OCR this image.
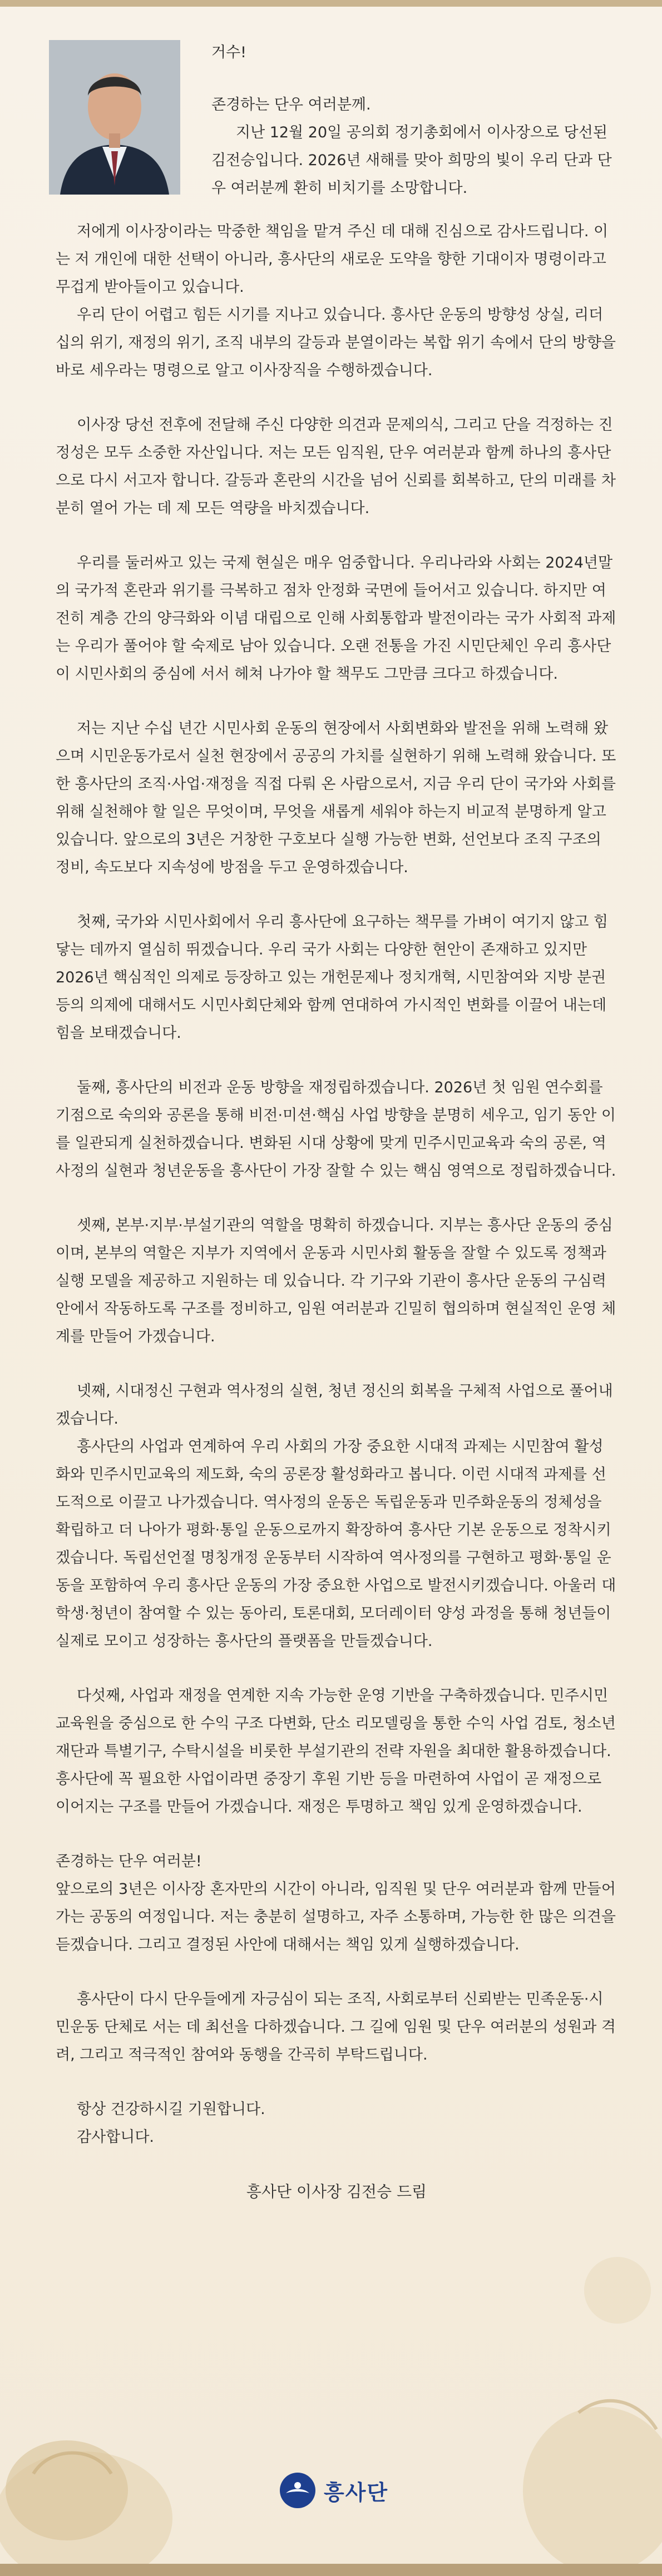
거수!

존경하는 단우 여러분께.

지난 12월 20일 공의회 정기총회에서 이사장으로 당선된 김전승입니다. 2026년 새해를 맞아 희망의 빛이 우리 단과 단우 여러분께 환히 비치기를 소망합니다.

저에게 이사장이라는 막중한 책임을 맡겨 주신 데 대해 진심으로 감사드립니다. 이는 저 개인에 대한 선택이 아니라, 흥사단의 새로운 도약을 향한 기대이자 명령이라고 무겁게 받아들이고 있습니다.

우리 단이 어렵고 힘든 시기를 지나고 있습니다. 흥사단 운동의 방향성 상실, 리더십의 위기, 재정의 위기, 조직 내부의 갈등과 분열이라는 복합 위기 속에서 단의 방향을 바로 세우라는 명령으로 알고 이사장직을 수행하겠습니다.

이사장 당선 전후에 전달해 주신 다양한 의견과 문제의식, 그리고 단을 걱정하는 진정성은 모두 소중한 자산입니다. 저는 모든 임직원, 단우 여러분과 함께 하나의 흥사단으로 다시 서고자 합니다. 갈등과 혼란의 시간을 넘어 신뢰를 회복하고, 단의 미래를 차분히 열어 가는 데 제 모든 역량을 바치겠습니다.

우리를 둘러싸고 있는 국제 현실은 매우 엄중합니다. 우리나라와 사회는 2024년말의 국가적 혼란과 위기를 극복하고 점차 안정화 국면에 들어서고 있습니다. 하지만 여전히 계층 간의 양극화와 이념 대립으로 인해 사회통합과 발전이라는 국가 사회적 과제는 우리가 풀어야 할 숙제로 남아 있습니다. 오랜 전통을 가진 시민단체인 우리 흥사단이 시민사회의 중심에 서서 헤쳐 나가야 할 책무도 그만큼 크다고 하겠습니다.

저는 지난 수십 년간 시민사회 운동의 현장에서 사회변화와 발전을 위해 노력해 왔으며 시민운동가로서 실천 현장에서 공공의 가치를 실현하기 위해 노력해 왔습니다. 또한 흥사단의 조직·사업·재정을 직접 다뤄 온 사람으로서, 지금 우리 단이 국가와 사회를 위해 실천해야 할 일은 무엇이며, 무엇을 새롭게 세워야 하는지 비교적 분명하게 알고 있습니다. 앞으로의 3년은 거창한 구호보다 실행 가능한 변화, 선언보다 조직 구조의 정비, 속도보다 지속성에 방점을 두고 운영하겠습니다.

첫째, 국가와 시민사회에서 우리 흥사단에 요구하는 책무를 가벼이 여기지 않고 힘닿는 데까지 열심히 뛰겠습니다. 우리 국가 사회는 다양한 현안이 존재하고 있지만 2026년 핵심적인 의제로 등장하고 있는 개헌문제나 정치개혁, 시민참여와 지방 분권 등의 의제에 대해서도 시민사회단체와 함께 연대하여 가시적인 변화를 이끌어 내는데 힘을 보태겠습니다.

둘째, 흥사단의 비전과 운동 방향을 재정립하겠습니다. 2026년 첫 임원 연수회를 기점으로 숙의와 공론을 통해 비전·미션·핵심 사업 방향을 분명히 세우고, 임기 동안 이를 일관되게 실천하겠습니다. 변화된 시대 상황에 맞게 민주시민교육과 숙의 공론, 역사정의 실현과 청년운동을 흥사단이 가장 잘할 수 있는 핵심 영역으로 정립하겠습니다.

셋째, 본부·지부·부설기관의 역할을 명확히 하겠습니다. 지부는 흥사단 운동의 중심이며, 본부의 역할은 지부가 지역에서 운동과 시민사회 활동을 잘할 수 있도록 정책과 실행 모델을 제공하고 지원하는 데 있습니다. 각 기구와 기관이 흥사단 운동의 구심력 안에서 작동하도록 구조를 정비하고, 임원 여러분과 긴밀히 협의하며 현실적인 운영 체계를 만들어 가겠습니다.

넷째, 시대정신 구현과 역사정의 실현, 청년 정신의 회복을 구체적 사업으로 풀어내겠습니다.

흥사단의 사업과 연계하여 우리 사회의 가장 중요한 시대적 과제는 시민참여 활성화와 민주시민교육의 제도화, 숙의 공론장 활성화라고 봅니다. 이런 시대적 과제를 선도적으로 이끌고 나가겠습니다. 역사정의 운동은 독립운동과 민주화운동의 정체성을 확립하고 더 나아가 평화·통일 운동으로까지 확장하여 흥사단 기본 운동으로 정착시키겠습니다. 독립선언절 명칭개정 운동부터 시작하여 역사정의를 구현하고 평화·통일 운동을 포함하여 우리 흥사단 운동의 가장 중요한 사업으로 발전시키겠습니다. 아울러 대학생·청년이 참여할 수 있는 동아리, 토론대회, 모더레이터 양성 과정을 통해 청년들이 실제로 모이고 성장하는 흥사단의 플랫폼을 만들겠습니다.

다섯째, 사업과 재정을 연계한 지속 가능한 운영 기반을 구축하겠습니다. 민주시민교육원을 중심으로 한 수익 구조 다변화, 단소 리모델링을 통한 수익 사업 검토, 청소년재단과 특별기구, 수탁시설을 비롯한 부설기관의 전략 자원을 최대한 활용하겠습니다. 흥사단에 꼭 필요한 사업이라면 중장기 후원 기반 등을 마련하여 사업이 곧 재정으로 이어지는 구조를 만들어 가겠습니다. 재정은 투명하고 책임 있게 운영하겠습니다.

존경하는 단우 여러분!

앞으로의 3년은 이사장 혼자만의 시간이 아니라, 임직원 및 단우 여러분과 함께 만들어 가는 공동의 여정입니다. 저는 충분히 설명하고, 자주 소통하며, 가능한 한 많은 의견을 듣겠습니다. 그리고 결정된 사안에 대해서는 책임 있게 실행하겠습니다.

흥사단이 다시 단우들에게 자긍심이 되는 조직, 사회로부터 신뢰받는 민족운동·시민운동 단체로 서는 데 최선을 다하겠습니다. 그 길에 임원 및 단우 여러분의 성원과 격려, 그리고 적극적인 참여와 동행을 간곡히 부탁드립니다.

항상 건강하시길 기원합니다.

감사합니다.

흥사단 이사장 김전승 드림
흥사단
